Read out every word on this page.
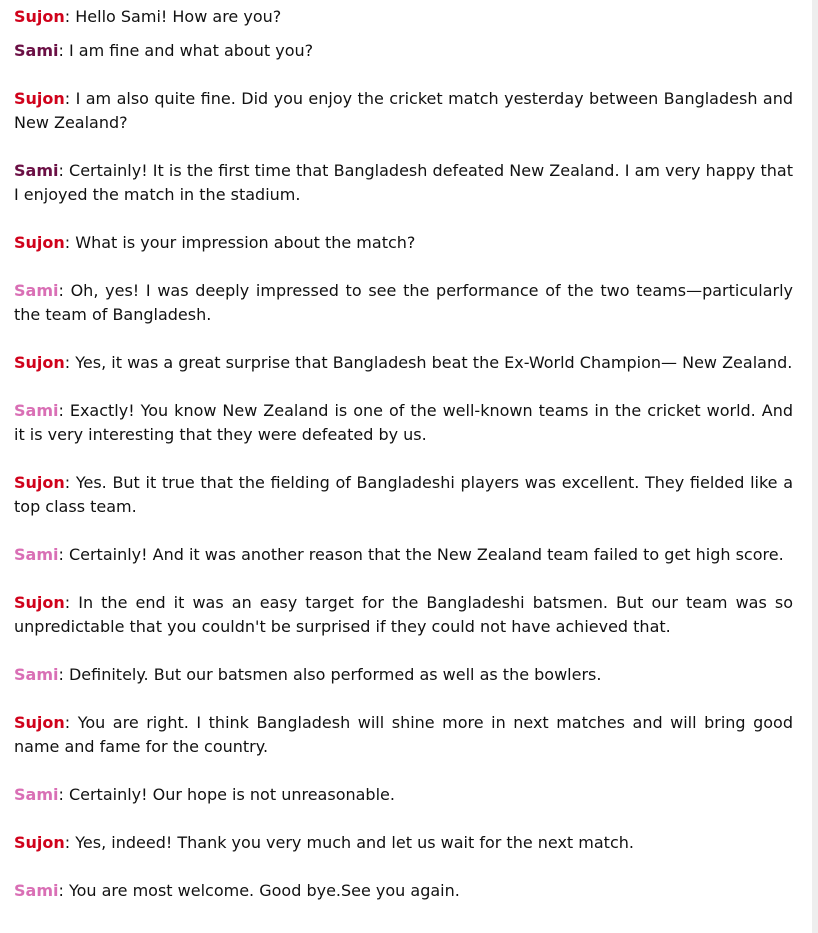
Sujon: Hello Sami! How are you?

Sami: I am fine and what about you?

Sujon: I am also quite fine. Did you enjoy the cricket match yesterday between Bangladesh and New Zealand?

Sami: Certainly! It is the first time that Bangladesh defeated New Zealand. I am very happy that I enjoyed the match in the stadium.

Sujon: What is your impression about the match?

Sami: Oh, yes! I was deeply impressed to see the performance of the two teams—particularly the team of Bangladesh.

Sujon: Yes, it was a great surprise that Bangladesh beat the Ex-World Champion— New Zealand.

Sami: Exactly! You know New Zealand is one of the well-known teams in the cricket world. And it is very interesting that they were defeated by us.

Sujon: Yes. But it true that the fielding of Bangladeshi players was excellent. They fielded like a top class team.

Sami: Certainly! And it was another reason that the New Zealand team failed to get high score.

Sujon: In the end it was an easy target for the Bangladeshi batsmen. But our team was so unpredictable that you couldn't be surprised if they could not have achieved that.

Sami: Definitely. But our batsmen also performed as well as the bowlers.

Sujon: You are right. I think Bangladesh will shine more in next matches and will bring good name and fame for the country.

Sami: Certainly! Our hope is not unreasonable.

Sujon: Yes, indeed! Thank you very much and let us wait for the next match.

Sami: You are most welcome. Good bye.See you again.
